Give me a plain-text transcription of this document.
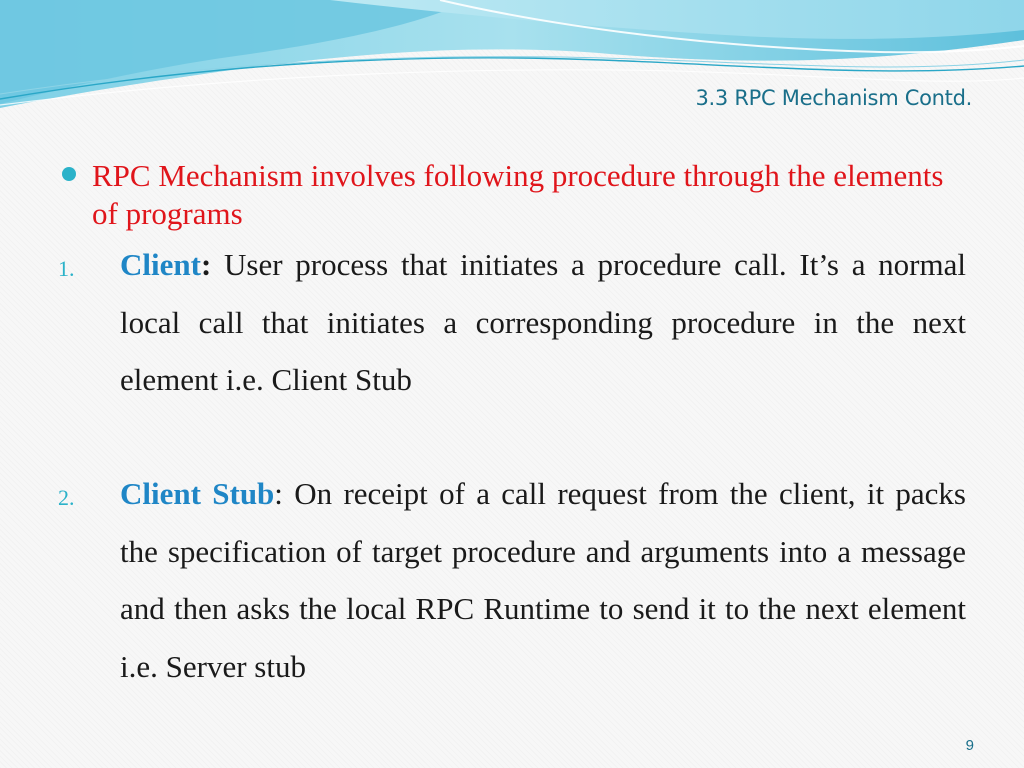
3.3 RPC Mechanism Contd.
RPC Mechanism involves following procedure through the elements of programs
1. Client: User process that initiates a procedure call. It’s a normal local call that initiates a corresponding procedure in the next element i.e. Client Stub
2. Client Stub: On receipt of a call request from the client, it packs the specification of target procedure and arguments into a message and then asks the local RPC Runtime to send it to the next element i.e. Server stub
9
